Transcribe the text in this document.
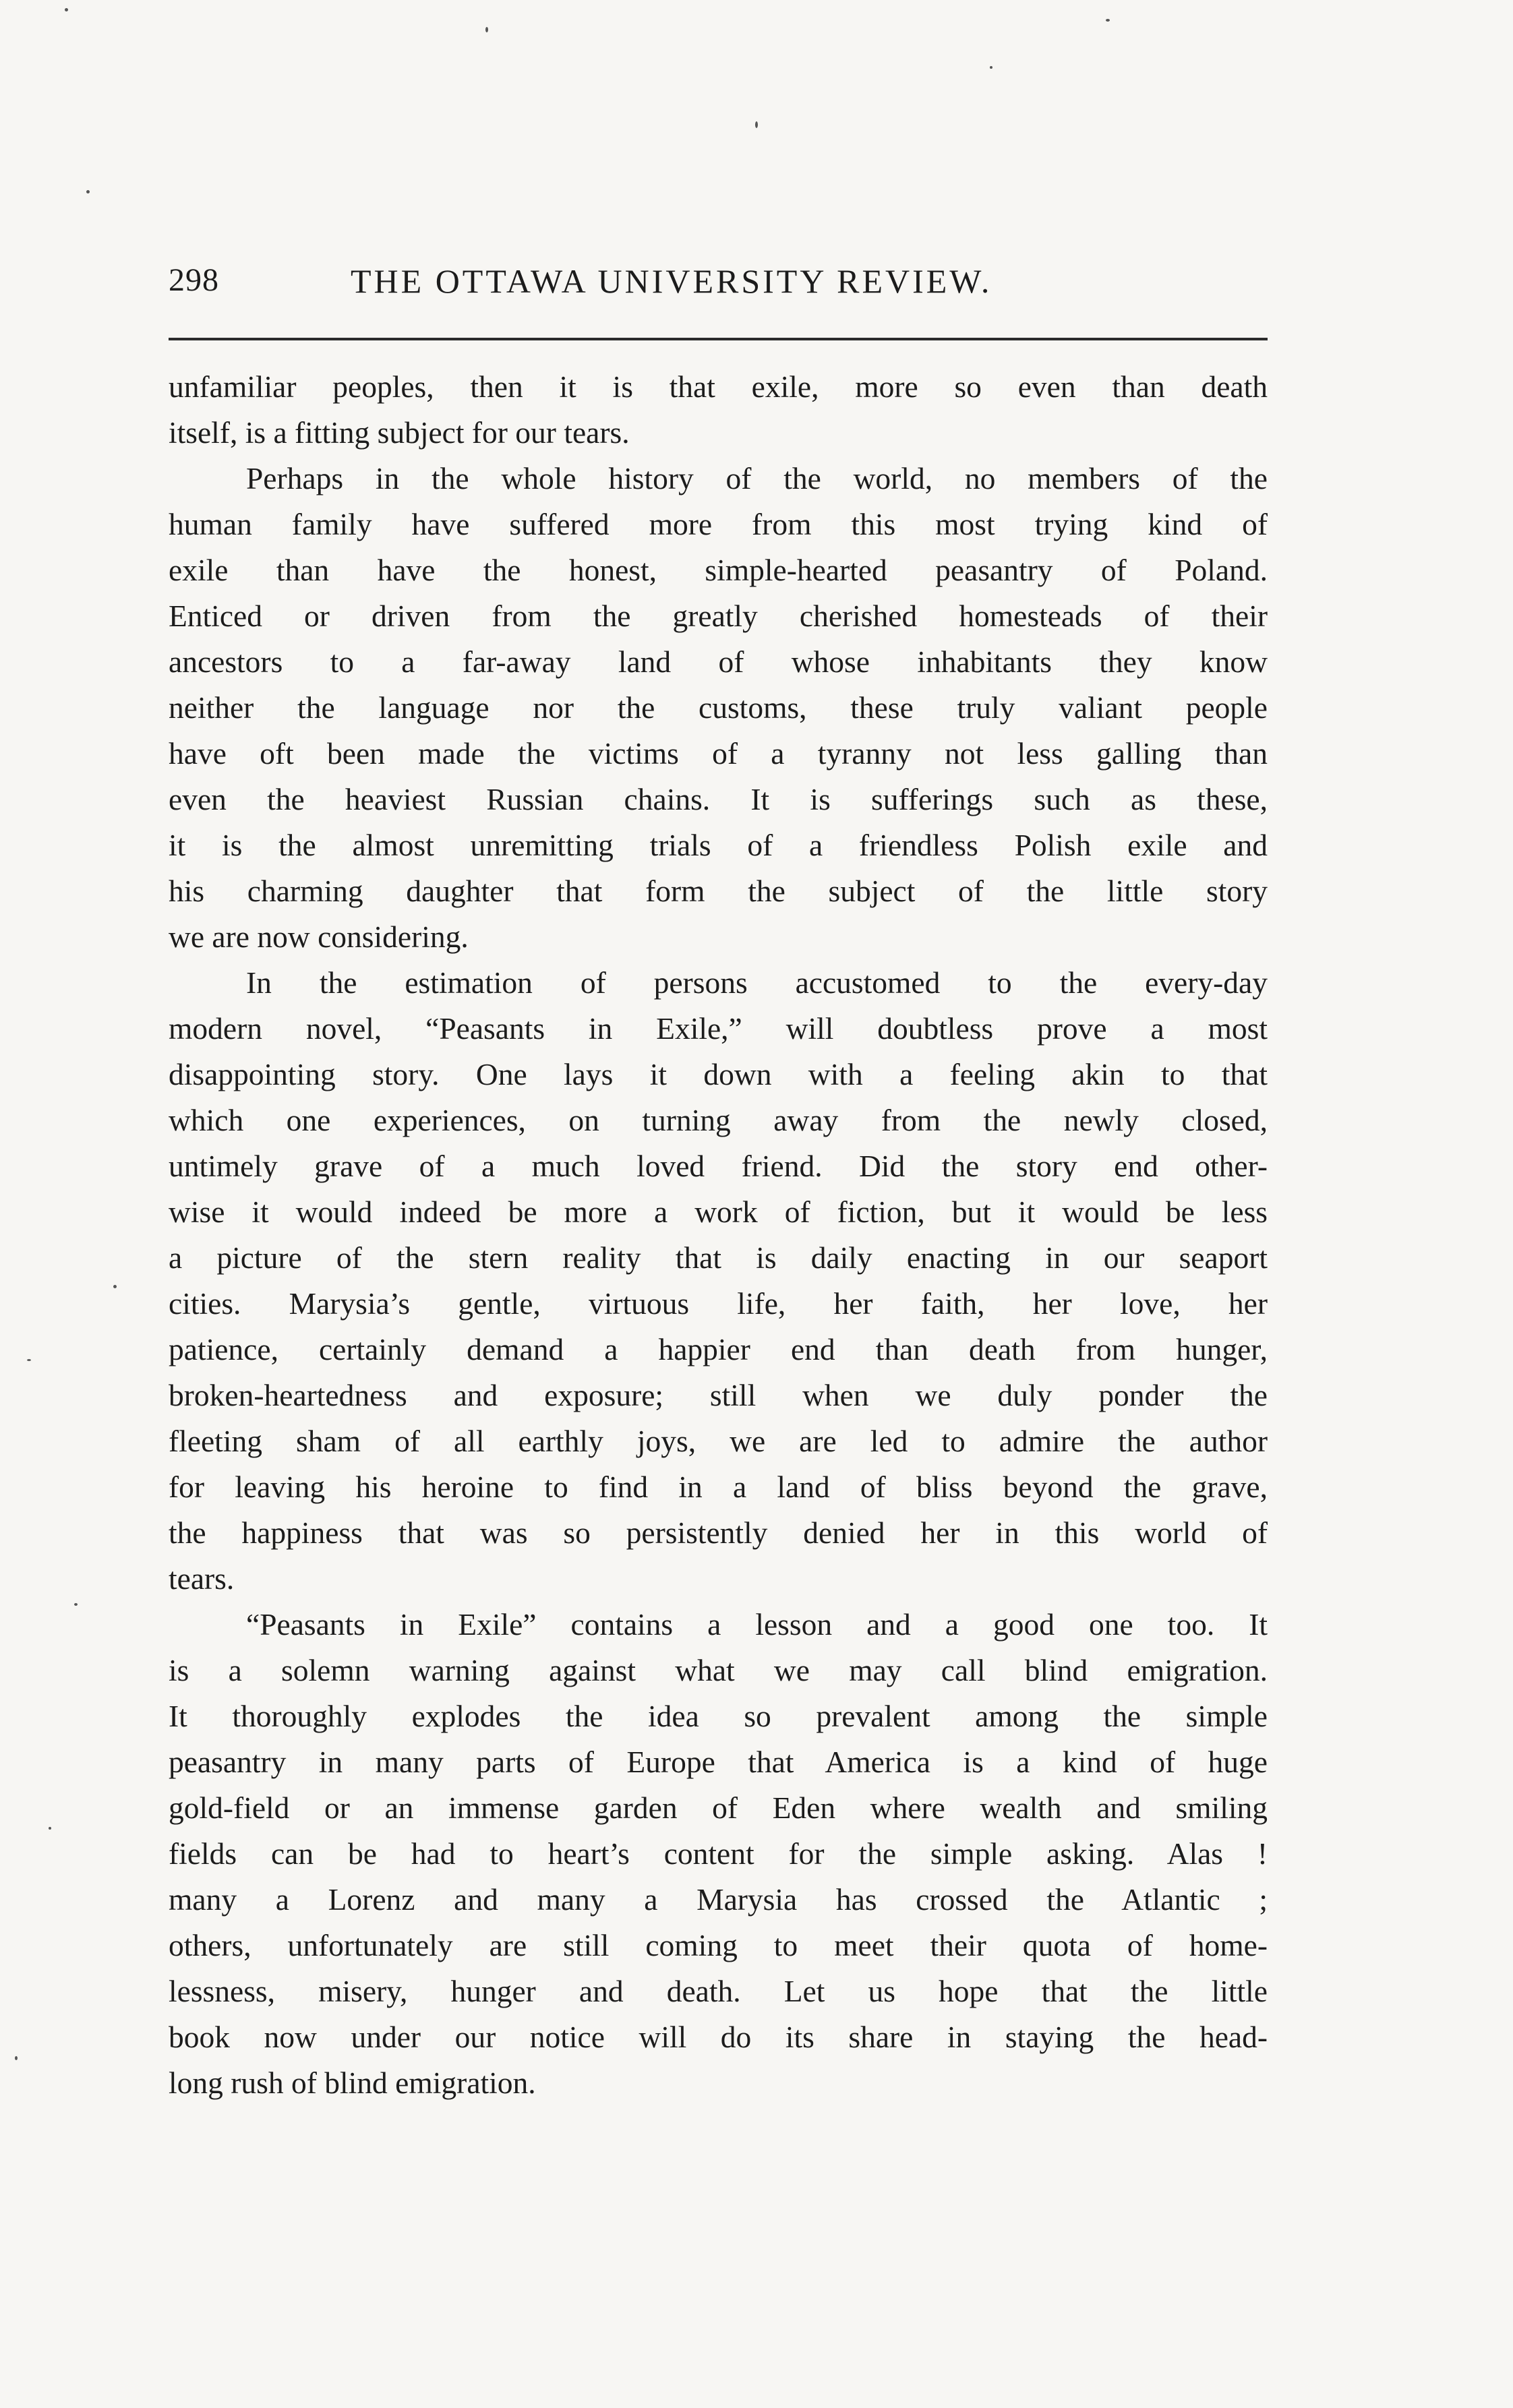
298	THE OTTAWA UNIVERSITY REVIEW.
unfamiliar peoples, then it is that exile, more so even than death
itself, is a fitting subject for our tears.
Perhaps in the whole history of the world, no members of the
human family have suffered more from this most trying kind of
exile than have the honest, simple-hearted peasantry of Poland.
Enticed or driven from the greatly cherished homesteads of their
ancestors to a far-away land of whose inhabitants they know
neither the language nor the customs, these truly valiant people
have oft been made the victims of a tyranny not less galling than
even the heaviest Russian chains. It is sufferings such as these,
it is the almost unremitting trials of a friendless Polish exile and
his charming daughter that form the subject of the little story
we are now considering.
In the estimation of persons accustomed to the every-day
modern novel, “Peasants in Exile,” will doubtless prove a most
disappointing story. One lays it down with a feeling akin to that
which one experiences, on turning away from the newly closed,
untimely grave of a much loved friend. Did the story end other-
wise it would indeed be more a work of fiction, but it would be less
a picture of the stern reality that is daily enacting in our seaport
cities. Marysia’s gentle, virtuous life, her faith, her love, her
patience, certainly demand a happier end than death from hunger,
broken-heartedness and exposure; still when we duly ponder the
fleeting sham of all earthly joys, we are led to admire the author
for leaving his heroine to find in a land of bliss beyond the grave,
the happiness that was so persistently denied her in this world of
tears.
“Peasants in Exile” contains a lesson and a good one too. It
is a solemn warning against what we may call blind emigration.
It thoroughly explodes the idea so prevalent among the simple
peasantry in many parts of Europe that America is a kind of huge
gold-field or an immense garden of Eden where wealth and smiling
fields can be had to heart’s content for the simple asking. Alas !
many a Lorenz and many a Marysia has crossed the Atlantic ;
others, unfortunately are still coming to meet their quota of home-
lessness, misery, hunger and death. Let us hope that the little
book now under our notice will do its share in staying the head-
long rush of blind emigration.
